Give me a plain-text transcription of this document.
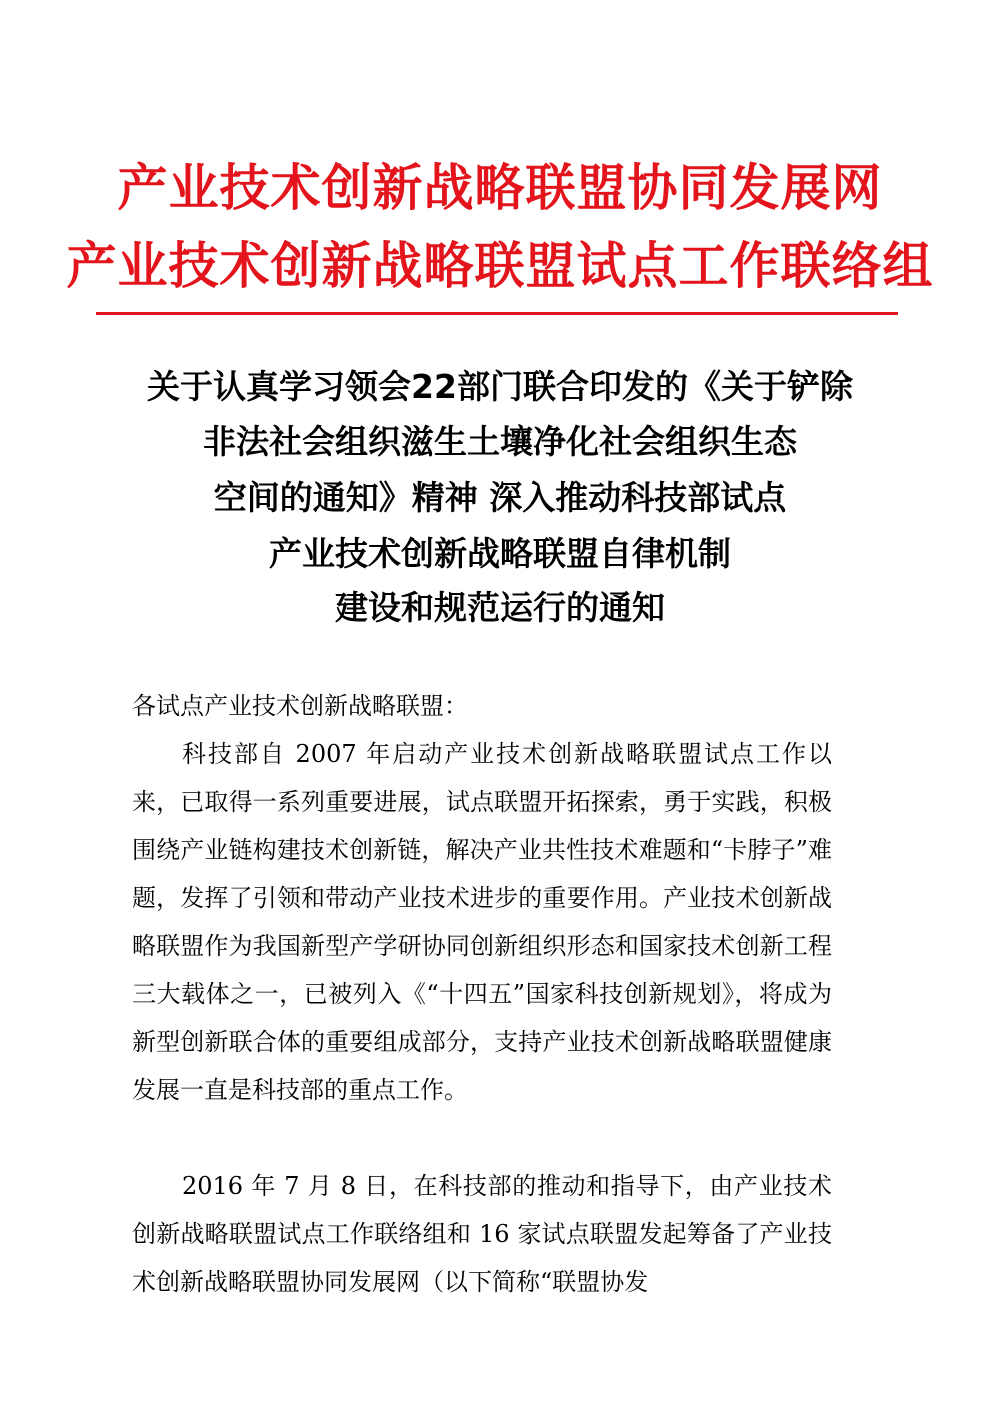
产业技术创新战略联盟协同发展网
产业技术创新战略联盟试点工作联络组
关于认真学习领会22部门联合印发的《关于铲除
非法社会组织滋生土壤净化社会组织生态
空间的通知》精神 深入推动科技部试点
产业技术创新战略联盟自律机制
建设和规范运行的通知
各试点产业技术创新战略联盟：

科技部自 2007 年启动产业技术创新战略联盟试点工作以来，已取得一系列重要进展，试点联盟开拓探索，勇于实践，积极围绕产业链构建技术创新链，解决产业共性技术难题和“卡脖子”难题，发挥了引领和带动产业技术进步的重要作用。产业技术创新战略联盟作为我国新型产学研协同创新组织形态和国家技术创新工程三大载体之一，已被列入《“十四五”国家科技创新规划》，将成为新型创新联合体的重要组成部分，支持产业技术创新战略联盟健康发展一直是科技部的重点工作。

2016 年 7 月 8 日，在科技部的推动和指导下，由产业技术创新战略联盟试点工作联络组和 16 家试点联盟发起筹备了产业技术创新战略联盟协同发展网（以下简称“联盟协发
